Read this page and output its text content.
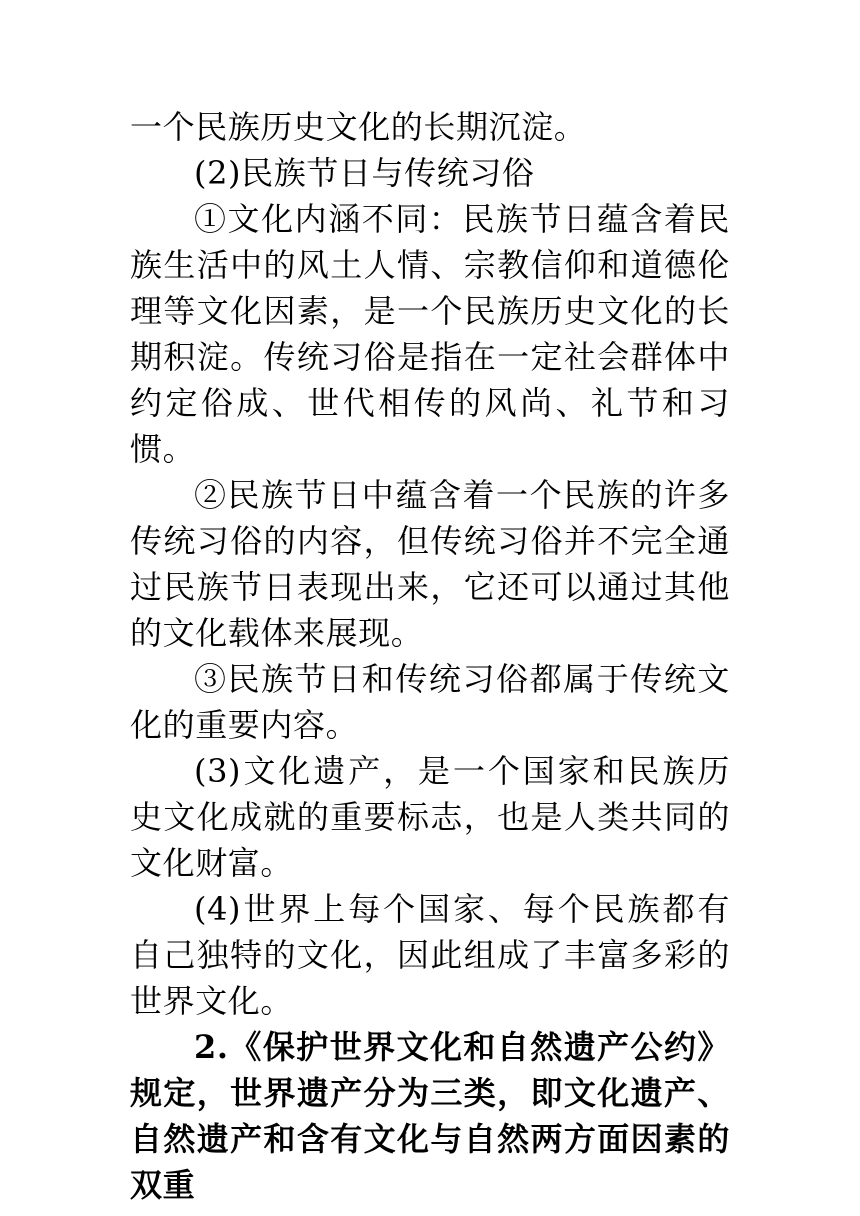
一个民族历史文化的长期沉淀。

(2)民族节日与传统习俗

①文化内涵不同：民族节日蕴含着民族生活中的风土人情、宗教信仰和道德伦理等文化因素，是一个民族历史文化的长期积淀。传统习俗是指在一定社会群体中约定俗成、世代相传的风尚、礼节和习惯。

②民族节日中蕴含着一个民族的许多传统习俗的内容，但传统习俗并不完全通过民族节日表现出来，它还可以通过其他的文化载体来展现。

③民族节日和传统习俗都属于传统文化的重要内容。

(3)文化遗产，是一个国家和民族历史文化成就的重要标志，也是人类共同的文化财富。

(4)世界上每个国家、每个民族都有自己独特的文化，因此组成了丰富多彩的世界文化。

2.《保护世界文化和自然遗产公约》规定，世界遗产分为三类，即文化遗产、自然遗产和含有文化与自然两方面因素的双重
